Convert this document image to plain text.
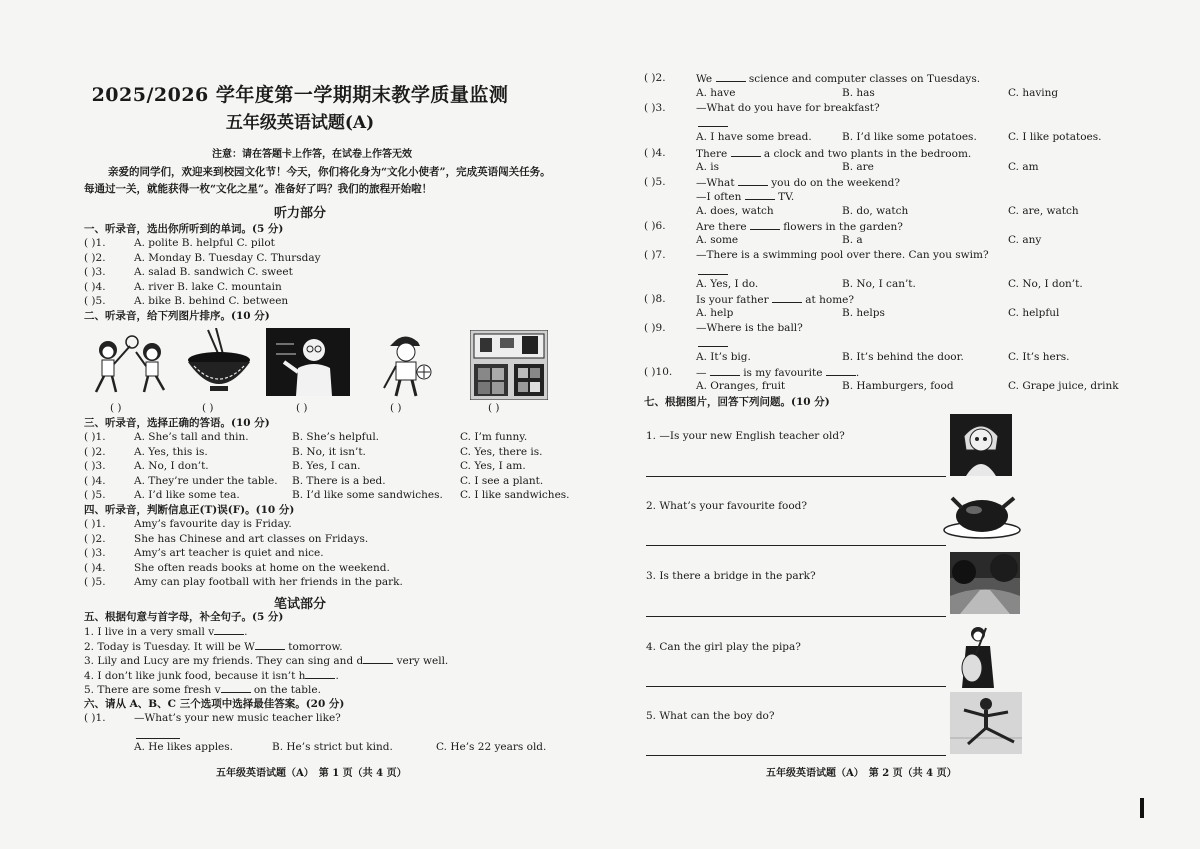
2025/2026 学年度第一学期期末教学质量监测
五年级英语试题(A)
注意：请在答题卡上作答，在试卷上作答无效
亲爱的同学们，欢迎来到校园文化节！今天，你们将化身为“文化小使者”，完成英语闯关任务。
每通过一关，就能获得一枚“文化之星”。准备好了吗？我们的旅程开始啦！
听力部分
一、听录音，选出你所听到的单词。(5 分)
( )1.	A. polite B. helpful C. pilot
( )2.	A. Monday B. Tuesday C. Thursday
( )3.	A. salad B. sandwich C. sweet
( )4.	A. river B. lake C. mountain
( )5.	A. bike B. behind C. between
二、听录音，给下列图片排序。(10 分)
( )	( )	( )	( )	( )
三、听录音，选择正确的答语。(10 分)
( )1.	A. She’s tall and thin.	B. She’s helpful.	C. I’m funny.
( )2.	A. Yes, this is.	B. No, it isn’t.	C. Yes, there is.
( )3.	A. No, I don’t.	B. Yes, I can.	C. Yes, I am.
( )4.	A. They’re under the table. B. There is a bed.	C. I see a plant.
( )5.	A. I’d like some tea.	B. I’d like some sandwiches. C. I like sandwiches.
四、听录音，判断信息正(T)误(F)。(10 分)
( )1.	Amy’s favourite day is Friday.
( )2.	She has Chinese and art classes on Fridays.
( )3.	Amy’s art teacher is quiet and nice.
( )4.	She often reads books at home on the weekend.
( )5.	Amy can play football with her friends in the park.
笔试部分
五、根据句意与首字母，补全句子。(5 分)
1. I live in a very small v	.
2. Today is Tuesday. It will be W	tomorrow.
3. Lily and Lucy are my friends. They can sing and d	very well.
4. I don’t like junk food, because it isn’t h	.
5. There are some fresh v	on the table.
六、请从 A、B、C 三个选项中选择最佳答案。(20 分)
( )1.	—What’s your new music teacher like?
A. He likes apples.	B. He’s strict but kind.	C. He’s 22 years old.
五年级英语试题（A）　第 1 页（共 4 页）
( )2.	We	science and computer classes on Tuesdays.
A. have	B. has	C. having
( )3.	—What do you have for breakfast?
A. I have some bread.	B. I’d like some potatoes.	C. I like potatoes.
( )4.	There	a clock and two plants in the bedroom.
A. is	B. are	C. am
( )5.	—What	you do on the weekend?
—I often	TV.
A. does, watch	B. do, watch	C. are, watch
( )6.	Are there	flowers in the garden?
A. some	B. a	C. any
( )7.	—There is a swimming pool over there. Can you swim?
A. Yes, I do.	B. No, I can’t.	C. No, I don’t.
( )8.	Is your father	at home?
A. help	B. helps	C. helpful
( )9.	—Where is the ball?
A. It’s big.	B. It’s behind the door.	C. It’s hers.
( )10. —	is my favourite	.
A. Oranges, fruit	B. Hamburgers, food	C. Grape juice, drink
七、根据图片，回答下列问题。(10 分)
1. —Is your new English teacher old?
2. What’s your favourite food?
3. Is there a bridge in the park?
4. Can the girl play the pipa?
5. What can the boy do?
五年级英语试题（A）　第 2 页（共 4 页）
